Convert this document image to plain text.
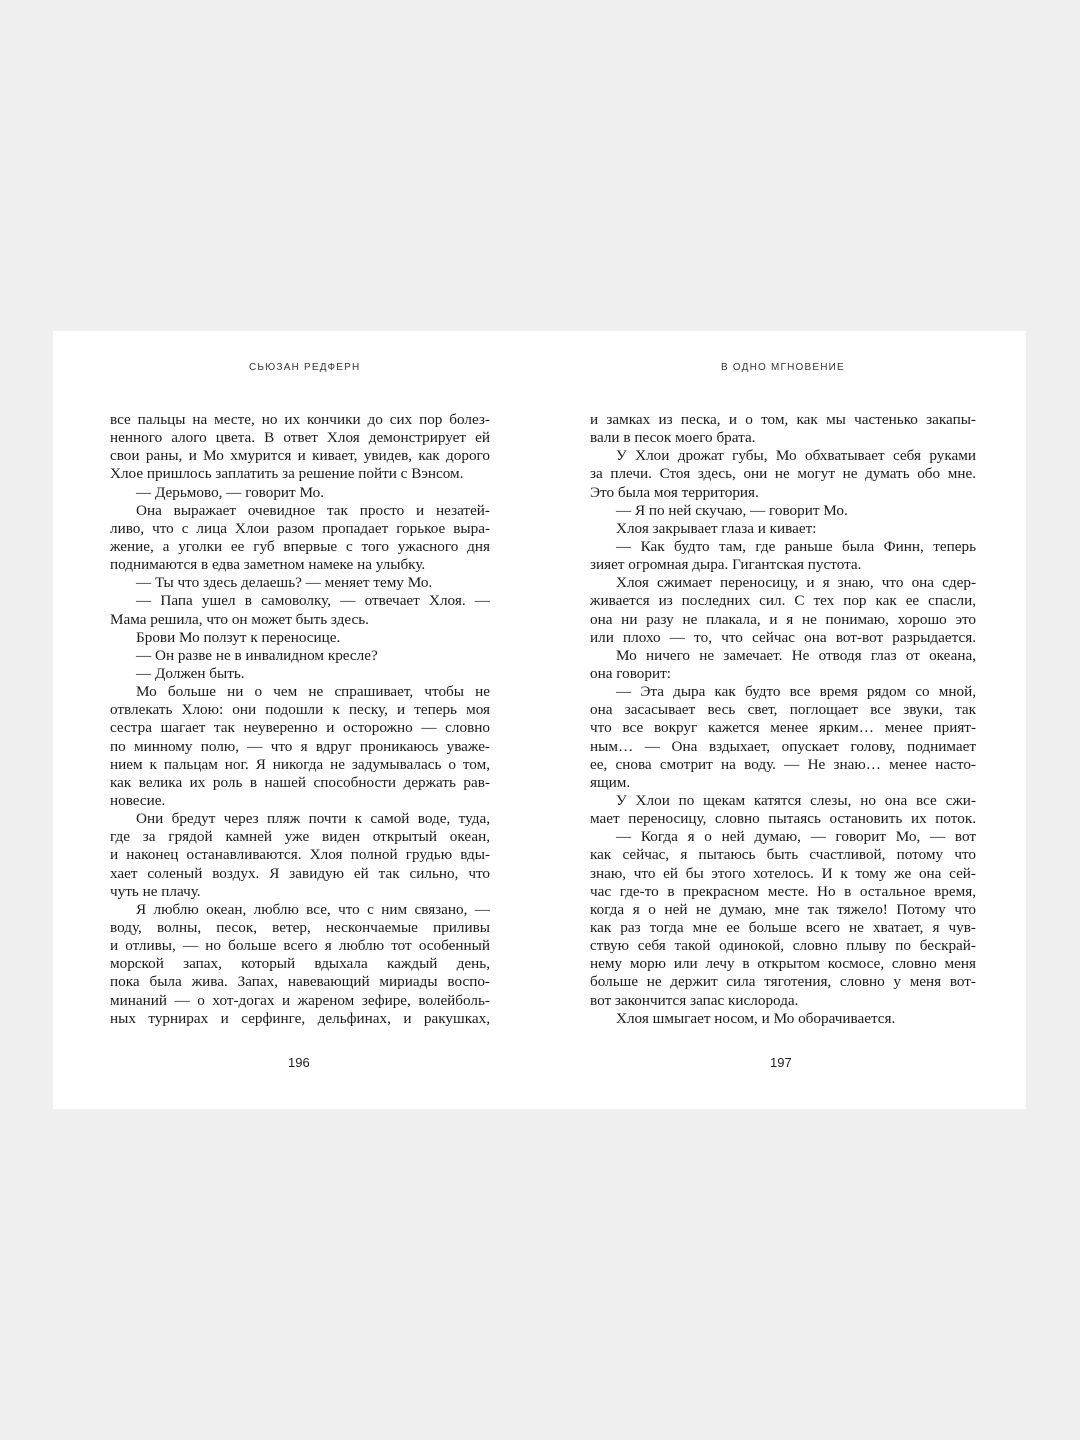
СЬЮЗАН РЕДФЕРН
все пальцы на месте, но их кончики до сих пор болез-
ненного алого цвета. В ответ Хлоя демонстрирует ей
свои раны, и Мо хмурится и кивает, увидев, как дорого
Хлое пришлось заплатить за решение пойти с Вэнсом.
— Дерьмово, — говорит Мо.
Она выражает очевидное так просто и незатей-
ливо, что с лица Хлои разом пропадает горькое выра-
жение, а уголки ее губ впервые с того ужасного дня
поднимаются в едва заметном намеке на улыбку.
— Ты что здесь делаешь? — меняет тему Мо.
— Папа ушел в самоволку, — отвечает Хлоя. —
Мама решила, что он может быть здесь.
Брови Мо ползут к переносице.
— Он разве не в инвалидном кресле?
— Должен быть.
Мо больше ни о чем не спрашивает, чтобы не
отвлекать Хлою: они подошли к песку, и теперь моя
сестра шагает так неуверенно и осторожно — словно
по минному полю, — что я вдруг проникаюсь уваже-
нием к пальцам ног. Я никогда не задумывалась о том,
как велика их роль в нашей способности держать рав-
новесие.
Они бредут через пляж почти к самой воде, туда,
где за грядой камней уже виден открытый океан,
и наконец останавливаются. Хлоя полной грудью вды-
хает соленый воздух. Я завидую ей так сильно, что
чуть не плачу.
Я люблю океан, люблю все, что с ним связано, —
воду, волны, песок, ветер, нескончаемые приливы
и отливы, — но больше всего я люблю тот особенный
морской запах, который вдыхала каждый день,
пока была жива. Запах, навевающий мириады воспо-
минаний — о хот-догах и жареном зефире, волейболь-
ных турнирах и серфинге, дельфинах, и ракушках,
196
В ОДНО МГНОВЕНИЕ
и замках из песка, и о том, как мы частенько закапы-
вали в песок моего брата.
У Хлои дрожат губы, Мо обхватывает себя руками
за плечи. Стоя здесь, они не могут не думать обо мне.
Это была моя территория.
— Я по ней скучаю, — говорит Мо.
Хлоя закрывает глаза и кивает:
— Как будто там, где раньше была Финн, теперь
зияет огромная дыра. Гигантская пустота.
Хлоя сжимает переносицу, и я знаю, что она сдер-
живается из последних сил. С тех пор как ее спасли,
она ни разу не плакала, и я не понимаю, хорошо это
или плохо — то, что сейчас она вот-вот разрыдается.
Мо ничего не замечает. Не отводя глаз от океана,
она говорит:
— Эта дыра как будто все время рядом со мной,
она засасывает весь свет, поглощает все звуки, так
что все вокруг кажется менее ярким… менее прият-
ным… — Она вздыхает, опускает голову, поднимает
ее, снова смотрит на воду. — Не знаю… менее насто-
ящим.
У Хлои по щекам катятся слезы, но она все сжи-
мает переносицу, словно пытаясь остановить их поток.
— Когда я о ней думаю, — говорит Мо, — вот
как сейчас, я пытаюсь быть счастливой, потому что
знаю, что ей бы этого хотелось. И к тому же она сей-
час где-то в прекрасном месте. Но в остальное время,
когда я о ней не думаю, мне так тяжело! Потому что
как раз тогда мне ее больше всего не хватает, я чув-
ствую себя такой одинокой, словно плыву по бескрай-
нему морю или лечу в открытом космосе, словно меня
больше не держит сила тяготения, словно у меня вот-
вот закончится запас кислорода.
Хлоя шмыгает носом, и Мо оборачивается.
197
